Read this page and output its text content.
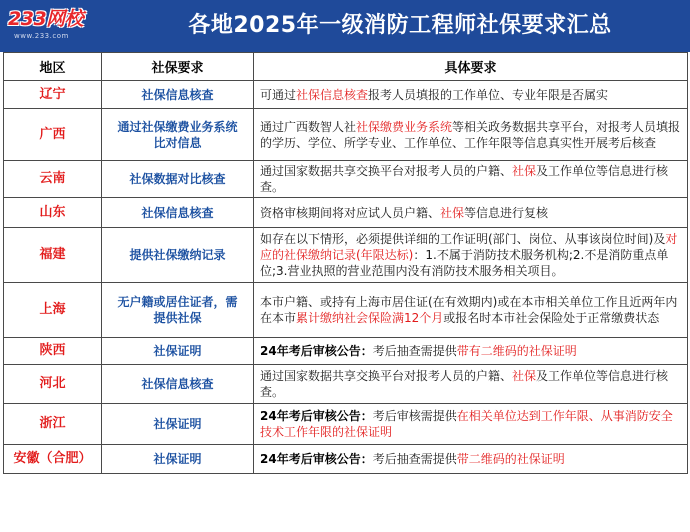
233网校
www.233.com	各地2025年一级消防工程师社保要求汇总
地区	社保要求	具体要求
辽宁	社保信息核查	可通过社保信息核查报考人员填报的工作单位、专业年限是否属实
广西	通过社保缴费业务系统比对信息	通过广西数智人社社保缴费业务系统等相关政务数据共享平台，对报考人员填报的学历、学位、所学专业、工作单位、工作年限等信息真实性开展考后核查
云南	社保数据对比核查	通过国家数据共享交换平台对报考人员的户籍、社保及工作单位等信息进行核查。
山东	社保信息核查	资格审核期间将对应试人员户籍、社保等信息进行复核
福建	提供社保缴纳记录	如存在以下情形，必须提供详细的工作证明(部门、岗位、从事该岗位时间)及对应的社保缴纳记录(年限达标)：1.不属于消防技术服务机构;2.不是消防重点单位;3.营业执照的营业范围内没有消防技术服务相关项目。
上海	无户籍或居住证者，需提供社保	本市户籍、或持有上海市居住证(在有效期内)或在本市相关单位工作且近两年内在本市累计缴纳社会保险满12个月或报名时本市社会保险处于正常缴费状态
陕西	社保证明	24年考后审核公告：考后抽查需提供带有二维码的社保证明
河北	社保信息核查	通过国家数据共享交换平台对报考人员的户籍、社保及工作单位等信息进行核查。
浙江	社保证明	24年考后审核公告：考后审核需提供在相关单位达到工作年限、从事消防安全技术工作年限的社保证明
安徽（合肥）	社保证明	24年考后审核公告：考后抽查需提供带二维码的社保证明
